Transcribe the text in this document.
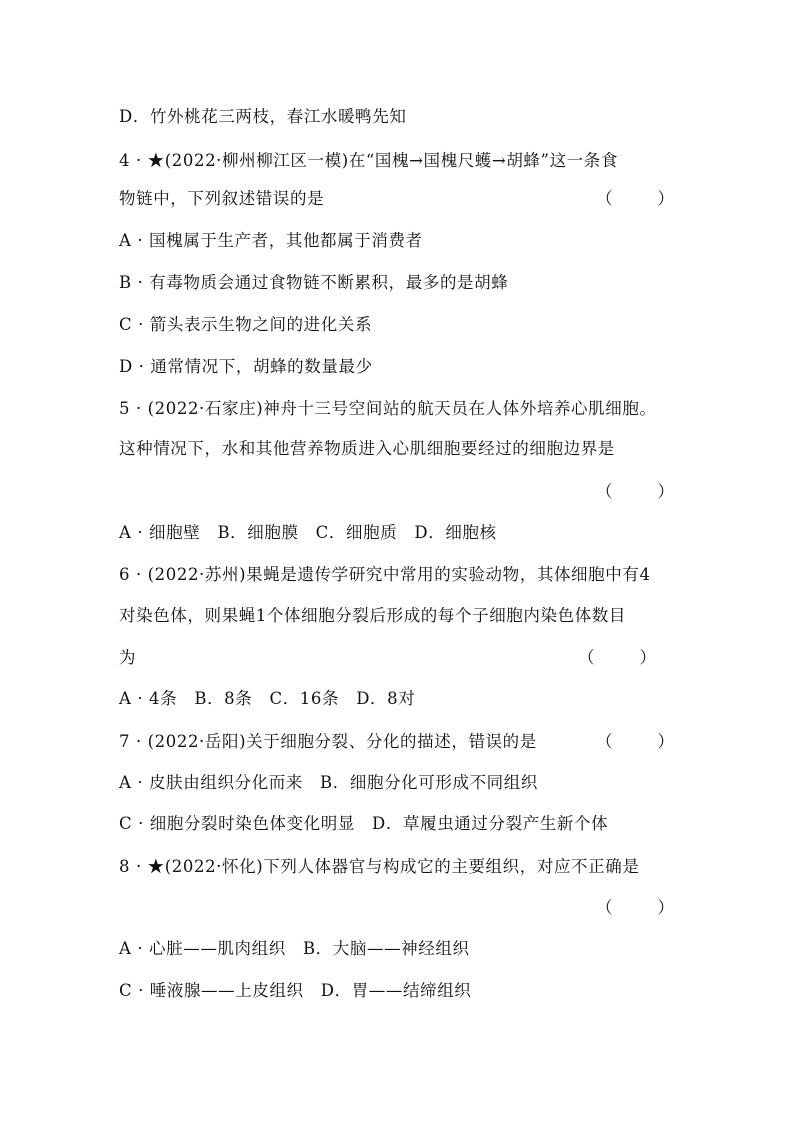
D．竹外桃花三两枝，春江水暖鸭先知
4 · ★(2022·柳州柳江区一模)在“国槐→国槐尺蠖→胡蜂”这一条食
物链中，下列叙述错误的是	（　　）
A · 国槐属于生产者，其他都属于消费者
B · 有毒物质会通过食物链不断累积，最多的是胡蜂
C · 箭头表示生物之间的进化关系
D · 通常情况下，胡蜂的数量最少
5 · (2022·石家庄)神舟十三号空间站的航天员在人体外培养心肌细胞。
这种情况下，水和其他营养物质进入心肌细胞要经过的细胞边界是
（　　）
A · 细胞壁　B．细胞膜　C．细胞质　D．细胞核
6 · (2022·苏州)果蝇是遗传学研究中常用的实验动物，其体细胞中有4
对染色体，则果蝇1个体细胞分裂后形成的每个子细胞内染色体数目
为	（　　）
A · 4条　B．8条　C．16条　D．8对
7 · (2022·岳阳)关于细胞分裂、分化的描述，错误的是	（　　）
A · 皮肤由组织分化而来　B．细胞分化可形成不同组织
C · 细胞分裂时染色体变化明显　D．草履虫通过分裂产生新个体
8 · ★(2022·怀化)下列人体器官与构成它的主要组织，对应不正确是
（　　）
A · 心脏——肌肉组织　B．大脑——神经组织
C · 唾液腺——上皮组织　D．胃——结缔组织
